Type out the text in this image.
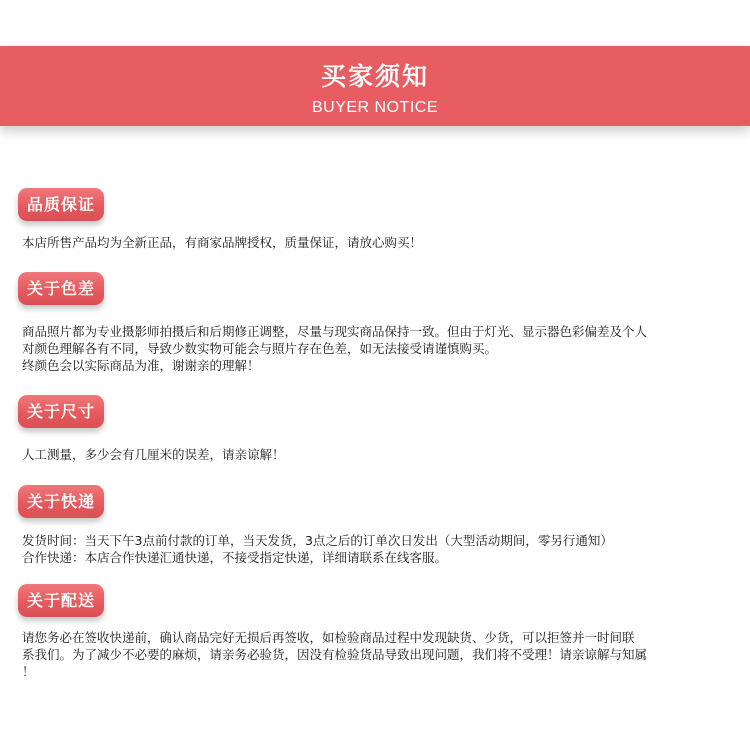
买家须知
BUYER NOTICE
品质保证
本店所售产品均为全新正品，有商家品牌授权，质量保证，请放心购买！
关于色差
商品照片都为专业摄影师拍摄后和后期修正调整，尽量与现实商品保持一致。但由于灯光、显示器色彩偏差及个人
对颜色理解各有不同，导致少数实物可能会与照片存在色差，如无法接受请谨慎购买。
终颜色会以实际商品为准，谢谢亲的理解！
关于尺寸
人工测量，多少会有几厘米的误差，请亲谅解！
关于快递
发货时间：当天下午3点前付款的订单，当天发货，3点之后的订单次日发出（大型活动期间，零另行通知）
合作快递：本店合作快递汇通快递，不接受指定快递，详细请联系在线客服。
关于配送
请您务必在签收快递前，确认商品完好无损后再签收，如检验商品过程中发现缺货、少货，可以拒签并一时间联
系我们。为了减少不必要的麻烦，请亲务必验货，因没有检验货品导致出现问题，我们将不受理！请亲谅解与知属
！
